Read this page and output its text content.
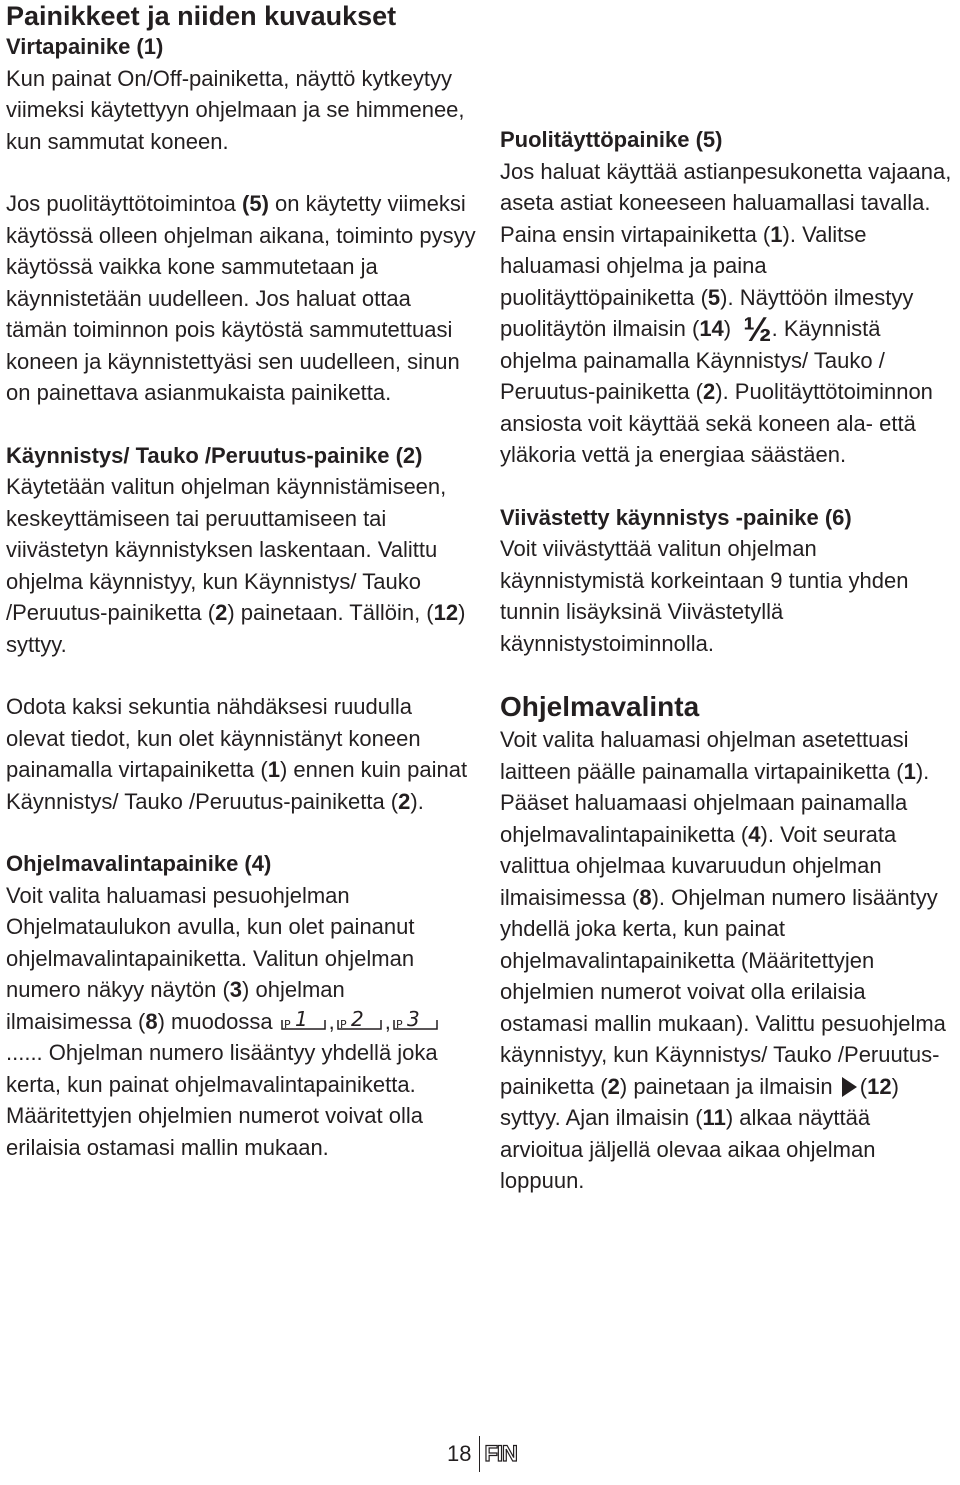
Painikkeet ja niiden kuvaukset
Virtapainike (1)

Kun painat On/Off-painiketta, näyttö kytkeytyy viimeksi käytettyyn ohjelmaan ja se himmenee, kun sammutat koneen.

Jos puolitäyttötoimintoa (5) on käytetty viimeksi käytössä olleen ohjelman aikana, toiminto pysyy käytössä vaikka kone sammutetaan ja käynnistetään uudelleen. Jos haluat ottaa tämän toiminnon pois käytöstä sammutettuasi koneen ja käynnistettyäsi sen uudelleen, sinun on painettava asianmukaista painiketta.

Käynnistys/ Tauko /Peruutus-painike (2)

Käytetään valitun ohjelman käynnistämiseen, keskeyttämiseen tai peruuttamiseen tai viivästetyn käynnistyksen laskentaan. Valittu ohjelma käynnistyy, kun Käynnistys/ Tauko /Peruutus-painiketta (2) painetaan. Tällöin, (12) syttyy.

Odota kaksi sekuntia nähdäksesi ruudulla olevat tiedot, kun olet käynnistänyt koneen painamalla virtapainiketta (1) ennen kuin painat Käynnistys/ Tauko /Peruutus-painiketta (2).

Ohjelmavalintapainike (4)

Voit valita haluamasi pesuohjelman Ohjelmataulukon avulla, kun olet painanut ohjelmavalintapainiketta. Valitun ohjelman numero näkyy näytön (3) ohjelman ilmaisimessa (8) muodossa P 1 , P 2 , P 3
...... Ohjelman numero lisääntyy yhdellä joka kerta, kun painat ohjelmavalintapainiketta. Määritettyjen ohjelmien numerot voivat olla erilaisia ostamasi mallin mukaan.

Puolitäyttöpainike (5)

Jos haluat käyttää astianpesukonetta vajaana, aseta astiat koneeseen haluamallasi tavalla. Paina ensin virtapainiketta (1). Valitse haluamasi ohjelma ja paina puolitäyttöpainiketta (5). Näyttöön ilmestyy puolitäytön ilmaisin (14) ½. Käynnistä ohjelma painamalla Käynnistys/ Tauko / Peruutus-painiketta (2). Puolitäyttötoiminnon ansiosta voit käyttää sekä koneen ala- että yläkoria vettä ja energiaa säästäen.

Viivästetty käynnistys -painike (6)

Voit viivästyttää valitun ohjelman käynnistymistä korkeintaan 9 tuntia yhden tunnin lisäyksinä Viivästetyllä käynnistystoiminnolla.

Ohjelmavalinta

Voit valita haluamasi ohjelman asetettuasi laitteen päälle painamalla virtapainiketta (1). Pääset haluamaasi ohjelmaan painamalla ohjelmavalintapainiketta (4). Voit seurata valittua ohjelmaa kuvaruudun ohjelman ilmaisimessa (8). Ohjelman numero lisääntyy yhdellä joka kerta, kun painat ohjelmavalintapainiketta (Määritettyjen ohjelmien numerot voivat olla erilaisia ostamasi mallin mukaan). Valittu pesuohjelma käynnistyy, kun Käynnistys/ Tauko /Peruutus-painiketta (2) painetaan ja ilmaisin (12) syttyy. Ajan ilmaisin (11) alkaa näyttää arvioitua jäljellä olevaa aikaa ohjelman loppuun.

18 FIN
